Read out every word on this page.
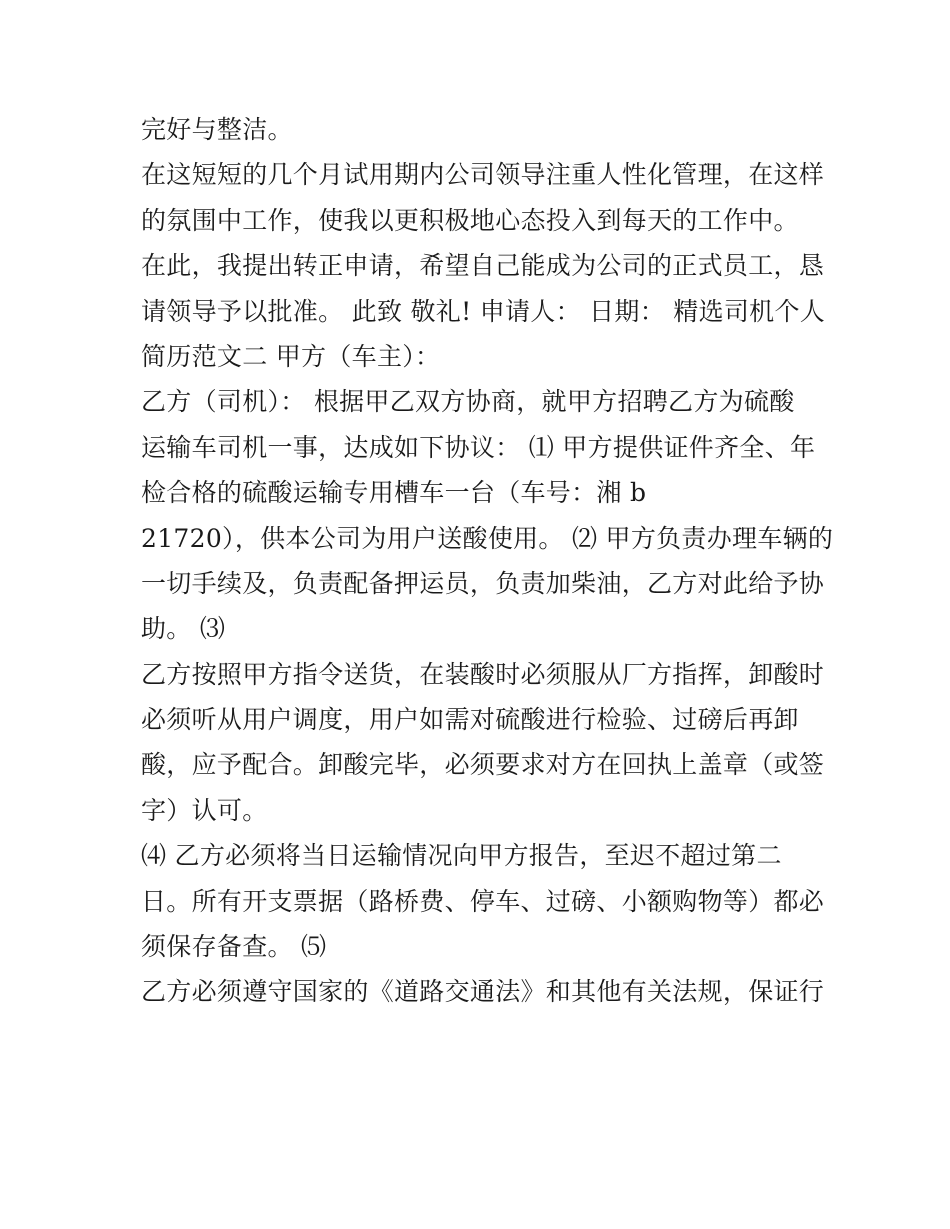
完好与整洁。
在这短短的几个月试用期内公司领导注重人性化管理，在这样
的氛围中工作，使我以更积极地心态投入到每天的工作中。
在此，我提出转正申请，希望自己能成为公司的正式员工，恳
请领导予以批准。 此致 敬礼! 申请人： 日期： 精选司机个人
简历范文二 甲方（车主）：
乙方（司机）： 根据甲乙双方协商，就甲方招聘乙方为硫酸
运输车司机一事，达成如下协议： ⑴ 甲方提供证件齐全、年
检合格的硫酸运输专用槽车一台（车号：湘 b
21720），供本公司为用户送酸使用。 ⑵ 甲方负责办理车辆的
一切手续及，负责配备押运员，负责加柴油，乙方对此给予协
助。 ⑶
乙方按照甲方指令送货，在装酸时必须服从厂方指挥，卸酸时
必须听从用户调度，用户如需对硫酸进行检验、过磅后再卸
酸，应予配合。卸酸完毕，必须要求对方在回执上盖章（或签
字）认可。
⑷ 乙方必须将当日运输情况向甲方报告，至迟不超过第二
日。所有开支票据（路桥费、停车、过磅、小额购物等）都必
须保存备查。 ⑸
乙方必须遵守国家的《道路交通法》和其他有关法规，保证行
